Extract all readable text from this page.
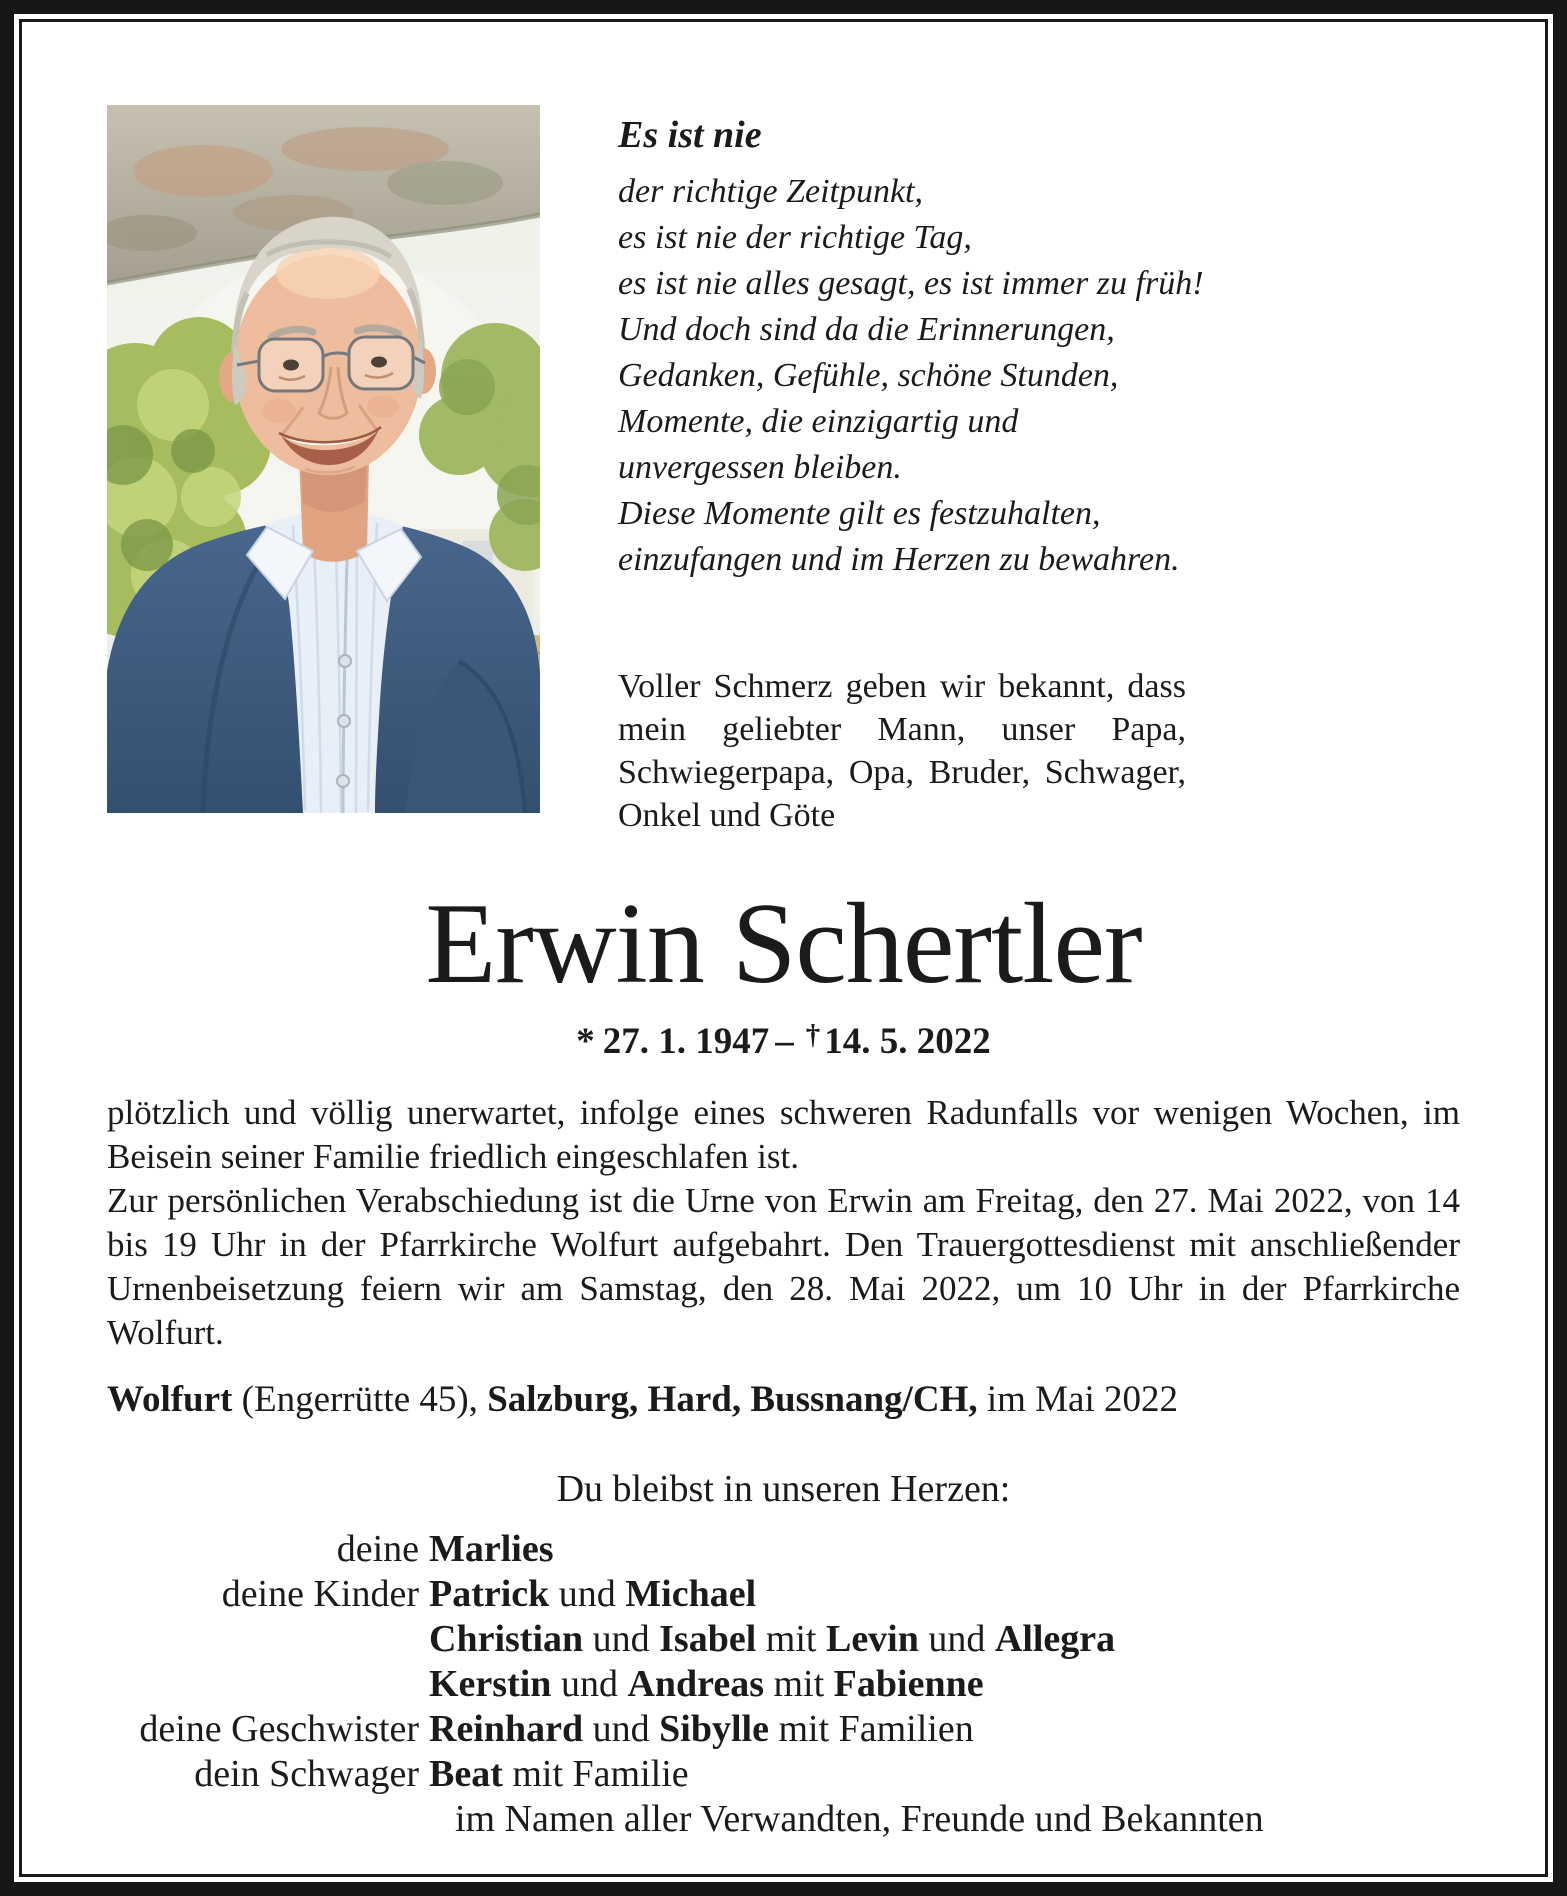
Es ist nie
der richtige Zeitpunkt,
es ist nie der richtige Tag,
es ist nie alles gesagt, es ist immer zu früh!
Und doch sind da die Erinnerungen,
Gedanken, Gefühle, schöne Stunden,
Momente, die einzigartig und
unvergessen bleiben.
Diese Momente gilt es festzuhalten,
einzufangen und im Herzen zu bewahren.

Voller Schmerz geben wir bekannt, dass mein geliebter Mann, unser Papa, Schwiegerpapa, Opa, Bruder, Schwager, Onkel und Göte

Erwin Schertler
* 27. 1. 1947 – † 14. 5. 2022

plötzlich und völlig unerwartet, infolge eines schweren Radunfalls vor wenigen Wochen, im Beisein seiner Familie friedlich eingeschlafen ist.

Zur persönlichen Verabschiedung ist die Urne von Erwin am Freitag, den 27. Mai 2022, von 14 bis 19 Uhr in der Pfarrkirche Wolfurt aufgebahrt. Den Trauergottesdienst mit anschließender Urnenbeisetzung feiern wir am Samstag, den 28. Mai 2022, um 10 Uhr in der Pfarrkirche Wolfurt.

Wolfurt (Engerrütte 45), Salzburg, Hard, Bussnang/CH, im Mai 2022

Du bleibst in unseren Herzen:

deine Marlies
deine Kinder Patrick und Michael
Christian und Isabel mit Levin und Allegra
Kerstin und Andreas mit Fabienne
deine Geschwister Reinhard und Sibylle mit Familien
dein Schwager Beat mit Familie
im Namen aller Verwandten, Freunde und Bekannten
